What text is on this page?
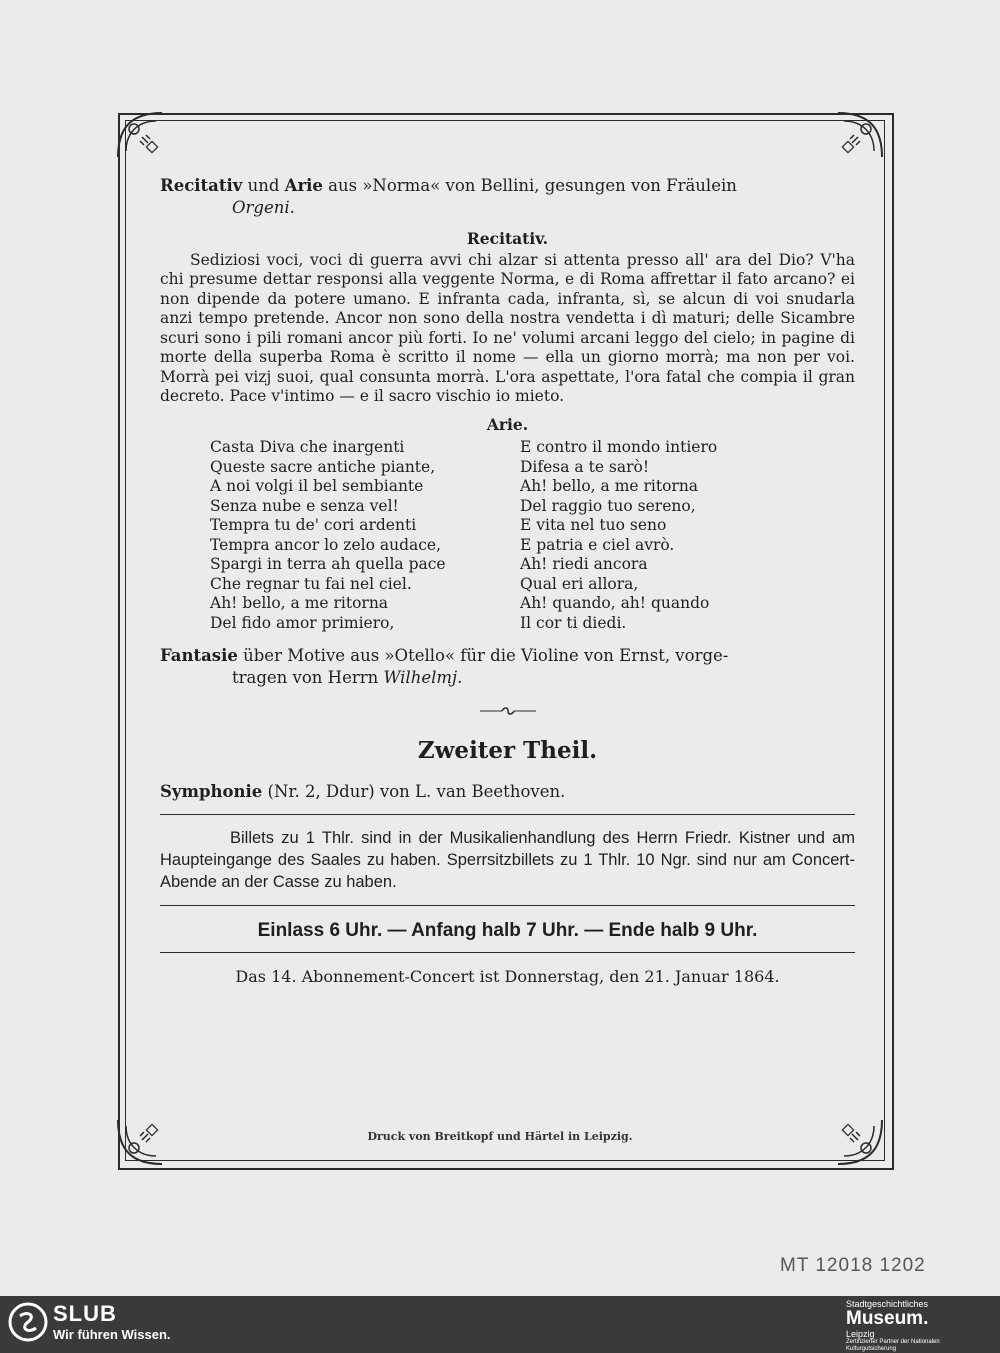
Recitativ und Arie aus »Norma« von Bellini, gesungen von Fräulein
Orgeni.
Recitativ.
Sediziosi voci, voci di guerra avvi chi alzar si attenta presso all' ara del Dio? V'ha chi presume dettar responsi alla veggente Norma, e di Roma affrettar il fato arcano? ei non dipende da potere umano. E infranta cada, infranta, sì, se alcun di voi snudarla anzi tempo pretende. Ancor non sono della nostra vendetta i dì maturi; delle Sicambre scuri sono i pili romani ancor più forti. Io ne' volumi arcani leggo del cielo; in pagine di morte della superba Roma è scritto il nome — ella un giorno morrà; ma non per voi. Morrà pei vizj suoi, qual consunta morrà. L'ora aspettate, l'ora fatal che compia il gran decreto. Pace v'intimo — e il sacro vischio io mieto.
Arie.
Casta Diva che inargenti
Queste sacre antiche piante,
A noi volgi il bel sembiante
Senza nube e senza vel!
Tempra tu de' cori ardenti
Tempra ancor lo zelo audace,
Spargi in terra ah quella pace
Che regnar tu fai nel ciel.
Ah! bello, a me ritorna
Del fido amor primiero,
E contro il mondo intiero
Difesa a te sarò!
Ah! bello, a me ritorna
Del raggio tuo sereno,
E vita nel tuo seno
E patria e ciel avrò.
Ah! riedi ancora
Qual eri allora,
Ah! quando, ah! quando
Il cor ti diedi.
Fantasie über Motive aus »Otello« für die Violine von Ernst, vorge-
tragen von Herrn Wilhelmj.
Zweiter Theil.
Symphonie (Nr. 2, Ddur) von L. van Beethoven.
Billets zu 1 Thlr. sind in der Musikalienhandlung des Herrn Friedr. Kistner und am Haupteingange des Saales zu haben. Sperrsitzbillets zu 1 Thlr. 10 Ngr. sind nur am Concert-Abende an der Casse zu haben.
Einlass 6 Uhr. — Anfang halb 7 Uhr. — Ende halb 9 Uhr.
Das 14. Abonnement-Concert ist Donnerstag, den 21. Januar 1864.
Druck von Breitkopf und Härtel in Leipzig.
MT 12018 1202
SLUB
Wir führen Wissen.
Stadtgeschichtliches
Museum.
Leipzig
Zertifizierter Partner der Nationalen Kulturgutsicherung
